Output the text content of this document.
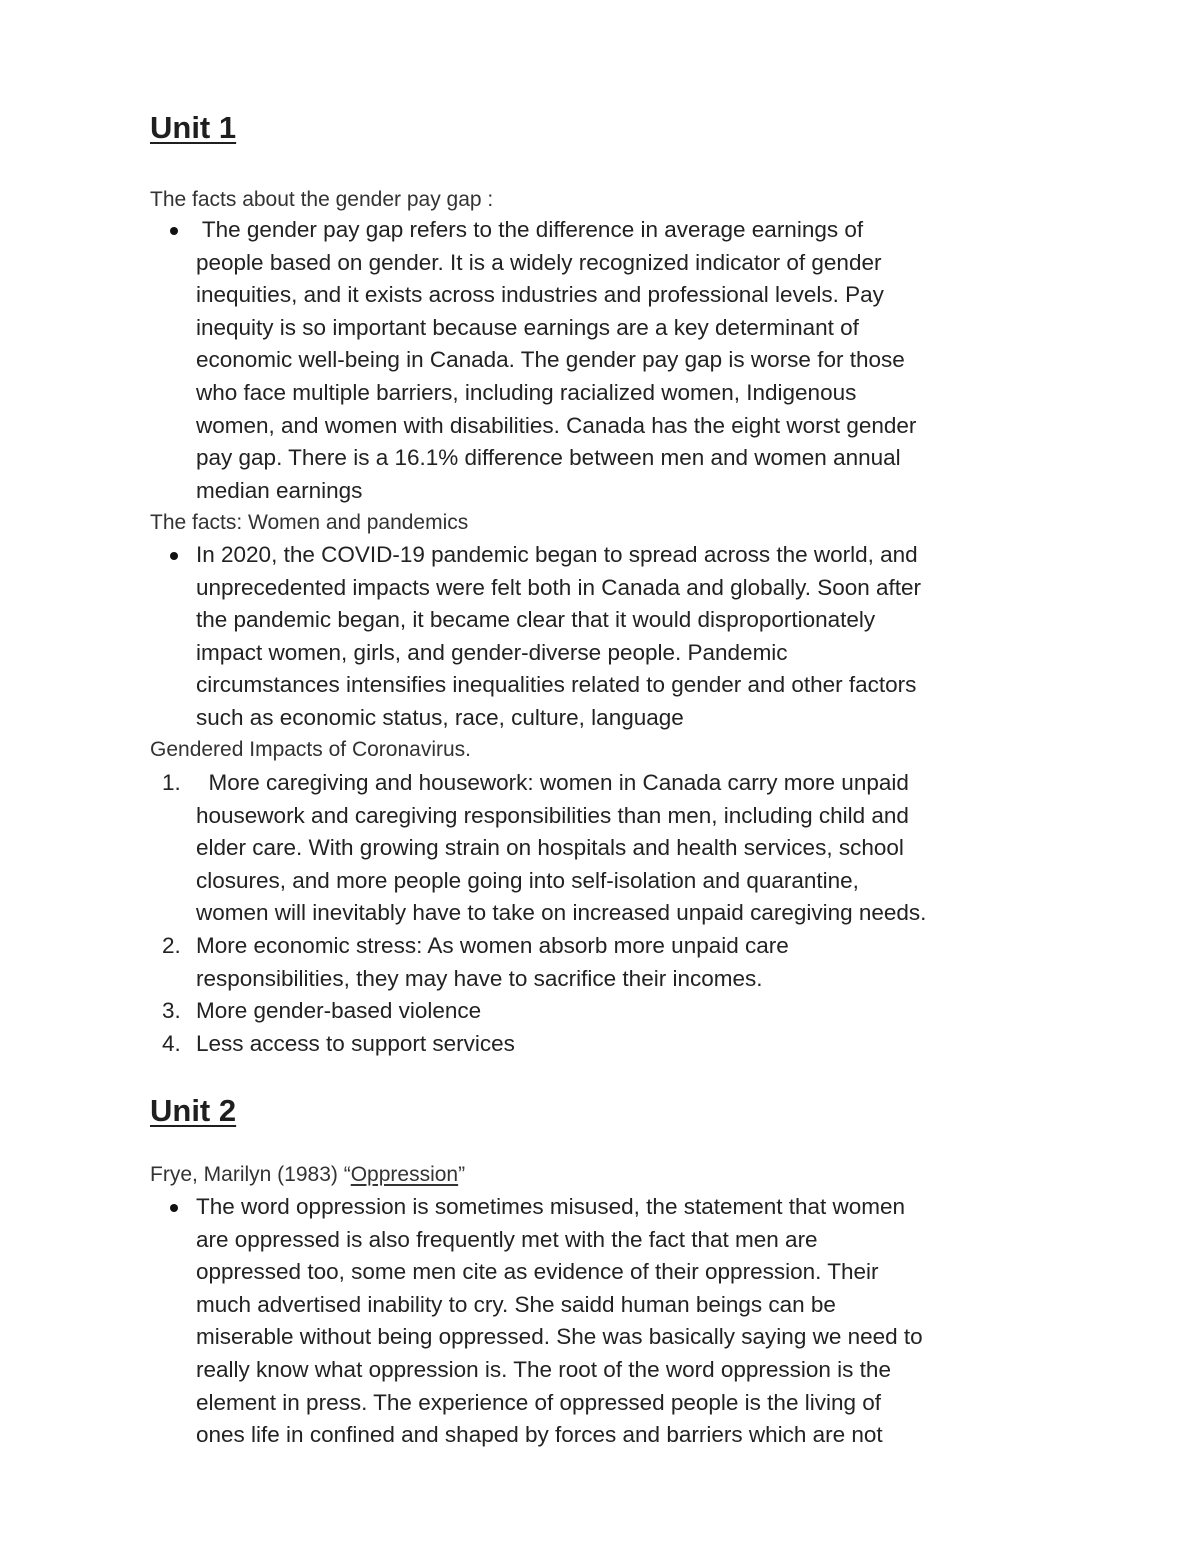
Unit 1

The facts about the gender pay gap :

The gender pay gap refers to the difference in average earnings of
people based on gender. It is a widely recognized indicator of gender
inequities, and it exists across industries and professional levels. Pay
inequity is so important because earnings are a key determinant of
economic well-being in Canada. The gender pay gap is worse for those
who face multiple barriers, including racialized women, Indigenous
women, and women with disabilities. Canada has the eight worst gender
pay gap. There is a 16.1% difference between men and women annual
median earnings

The facts: Women and pandemics

In 2020, the COVID-19 pandemic began to spread across the world, and
unprecedented impacts were felt both in Canada and globally. Soon after
the pandemic began, it became clear that it would disproportionately
impact women, girls, and gender-diverse people. Pandemic
circumstances intensifies inequalities related to gender and other factors
such as economic status, race, culture, language

Gendered Impacts of Coronavirus.

1. More caregiving and housework: women in Canada carry more unpaid
housework and caregiving responsibilities than men, including child and
elder care. With growing strain on hospitals and health services, school
closures, and more people going into self-isolation and quarantine,
women will inevitably have to take on increased unpaid caregiving needs.
2. More economic stress: As women absorb more unpaid care
responsibilities, they may have to sacrifice their incomes.
3. More gender-based violence
4. Less access to support services
Unit 2

Frye, Marilyn (1983) “Oppression”

The word oppression is sometimes misused, the statement that women
are oppressed is also frequently met with the fact that men are
oppressed too, some men cite as evidence of their oppression. Their
much advertised inability to cry. She saidd human beings can be
miserable without being oppressed. She was basically saying we need to
really know what oppression is. The root of the word oppression is the
element in press. The experience of oppressed people is the living of
ones life in confined and shaped by forces and barriers which are not
